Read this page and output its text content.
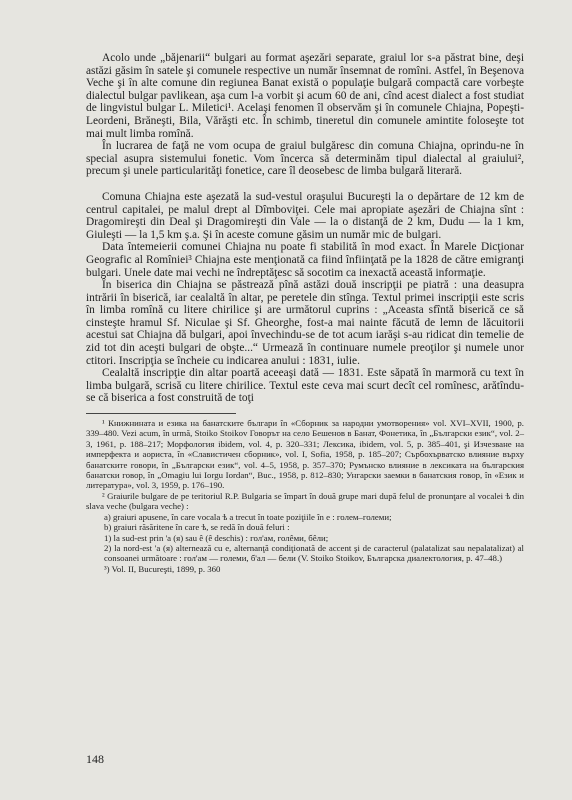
Acolo unde „băjenarii“ bulgari au format aşezări separate, graiul lor s-a păstrat bine, deşi astăzi găsim în satele şi comunele respective un număr însemnat de romîni. Astfel, în Beşenova Veche şi în alte comune din regiunea Banat există o populaţie bulgară compactă care vorbeşte dialectul bulgar pavlikean, aşa cum l-a vorbit şi acum 60 de ani, cînd acest dialect a fost studiat de lingvistul bulgar L. Miletici¹. Acelaşi fenomen îl observăm şi în comunele Chiajna, Popeşti-Leordeni, Brăneşti, Bila, Vărăşti etc. În schimb, tineretul din comunele amintite foloseşte tot mai mult limba romînă.

În lucrarea de faţă ne vom ocupa de graiul bulgăresc din comuna Chiajna, oprindu-ne în special asupra sistemului fonetic. Vom încerca să determinăm tipul dialectal al graiului², precum şi unele particularităţi fonetice, care îl deosebesc de limba bulgară literară.

Comuna Chiajna este aşezată la sud-vestul oraşului Bucureşti la o depărtare de 12 km de centrul capitalei, pe malul drept al Dîmboviţei. Cele mai apropiate aşezări de Chiajna sînt : Dragomireşti din Deal şi Dragomireşti din Vale — la o distanţă de 2 km, Dudu — la 1 km, Giuleşti — la 1,5 km ş.a. Şi în aceste comune găsim un număr mic de bulgari.

Data întemeierii comunei Chiajna nu poate fi stabilită în mod exact. În Marele Dicţionar Geografic al Romîniei³ Chiajna este menţionată ca fiind înfiinţată pe la 1828 de către emigranţi bulgari. Unele date mai vechi ne îndreptăţesc să socotim ca inexactă această informaţie.

În biserica din Chiajna se păstrează pînă astăzi două inscripţii pe piatră : una deasupra intrării în biserică, iar cealaltă în altar, pe peretele din stînga. Textul primei inscripţii este scris în limba romînă cu litere chirilice şi are următorul cuprins : „Aceasta sfîntă biserică ce să cinsteşte hramul Sf. Niculae şi Sf. Gheorghe, fost-a mai nainte făcută de lemn de lăcuitorii acestui sat Chiajna dă bulgari, apoi învechindu-se de tot acum iarăşi s-au ridicat din temelie de zid tot din aceşti bulgari de obşte...“ Urmează în continuare numele preoţilor şi numele unor ctitori. Inscripţia se încheie cu indicarea anului : 1831, iulie.

Cealaltă inscripţie din altar poartă aceeaşi dată — 1831. Este săpată în marmoră cu text în limba bulgară, scrisă cu litere chirilice. Textul este ceva mai scurt decît cel romînesc, arătîndu-se că biserica a fost construită de toţi

¹ Книжнината и езика на банатските българи în «Сборник за народни умотворения» vol. XVI–XVII, 1900, p. 339–480. Vezi acum, în urmă, Stoiko Stoikov Говорът на село Бешенов в Банат, Фонетика, în „Български език“, vol. 2–3, 1961, p. 188–217; Морфология ibidem, vol. 4, p. 320–331; Лексика, ibidem, vol. 5, p. 385–401, şi Изчезване на имперфекта и аориста, în «Славистичен сборник», vol. I, Sofia, 1958, p. 185–207; Сърбохърватско влияние върху банатските говори, în „Български език“, vol. 4–5, 1958, p. 357–370; Румънско влияние в лексиката на българския банатски говор, în „Omagiu lui Iorgu Iordan“, Buc., 1958, p. 812–830; Унгарски заемки в банатския говор, în «Език и литература», vol. 3, 1959, p. 176–190.

² Graiurile bulgare de pe teritoriul R.P. Bulgaria se împart în două grupe mari după felul de pronunţare al vocalei ѣ din slava veche (bulgara veche) :

a) graiuri apusene, în care vocala ѣ a trecut în toate poziţiile în е : голем–големи;

b) graiuri răsăritene în care ѣ, se redă în două feluri :

1) la sud-est prin 'a (я) sau ê (ê deschis) : гол'ам, голêми, бêли;

2) la nord-est 'a (я) alternează cu e, alternanţă condiţionată de accent şi de caracterul (palatalizat sau nepalatalizat) al consoanei următoare : гол'ам — големи, б'ал — бели (V. Stoiko Stoikov, Българска диалектология, p. 47–48.)

³) Vol. II, Bucureşti, 1899, p. 360

148
